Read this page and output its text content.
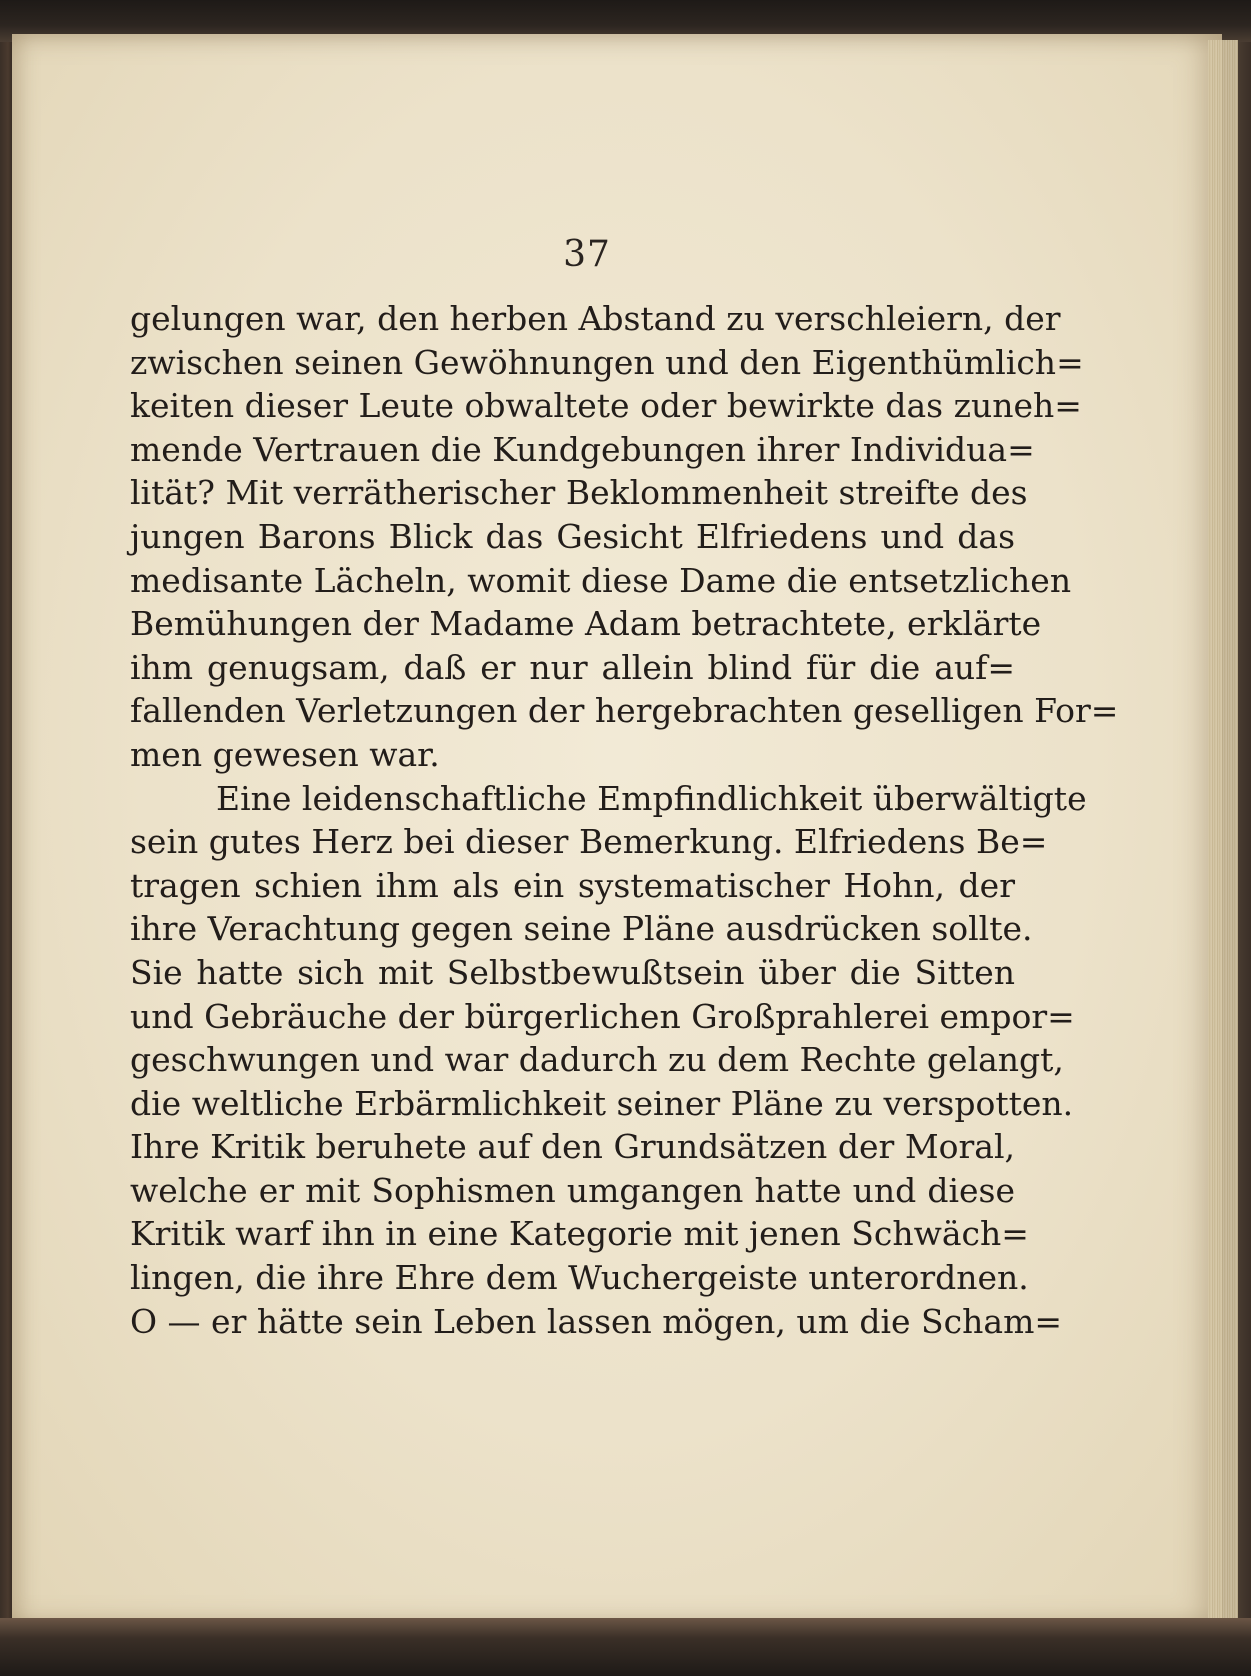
37
gelungen war, den herben Abstand zu verschleiern, der
zwischen seinen Gewöhnungen und den Eigenthümlich=
keiten dieser Leute obwaltete oder bewirkte das zuneh=
mende Vertrauen die Kundgebungen ihrer Individua=
lität? Mit verrätherischer Beklommenheit streifte des
jungen Barons Blick das Gesicht Elfriedens und das
medisante Lächeln, womit diese Dame die entsetzlichen
Bemühungen der Madame Adam betrachtete, erklärte
ihm genugsam, daß er nur allein blind für die auf=
fallenden Verletzungen der hergebrachten geselligen For=
men gewesen war.
Eine leidenschaftliche Empfindlichkeit überwältigte
sein gutes Herz bei dieser Bemerkung. Elfriedens Be=
tragen schien ihm als ein systematischer Hohn, der
ihre Verachtung gegen seine Pläne ausdrücken sollte.
Sie hatte sich mit Selbstbewußtsein über die Sitten
und Gebräuche der bürgerlichen Großprahlerei empor=
geschwungen und war dadurch zu dem Rechte gelangt,
die weltliche Erbärmlichkeit seiner Pläne zu verspotten.
Ihre Kritik beruhete auf den Grundsätzen der Moral,
welche er mit Sophismen umgangen hatte und diese
Kritik warf ihn in eine Kategorie mit jenen Schwäch=
lingen, die ihre Ehre dem Wuchergeiste unterordnen.
O — er hätte sein Leben lassen mögen, um die Scham=
